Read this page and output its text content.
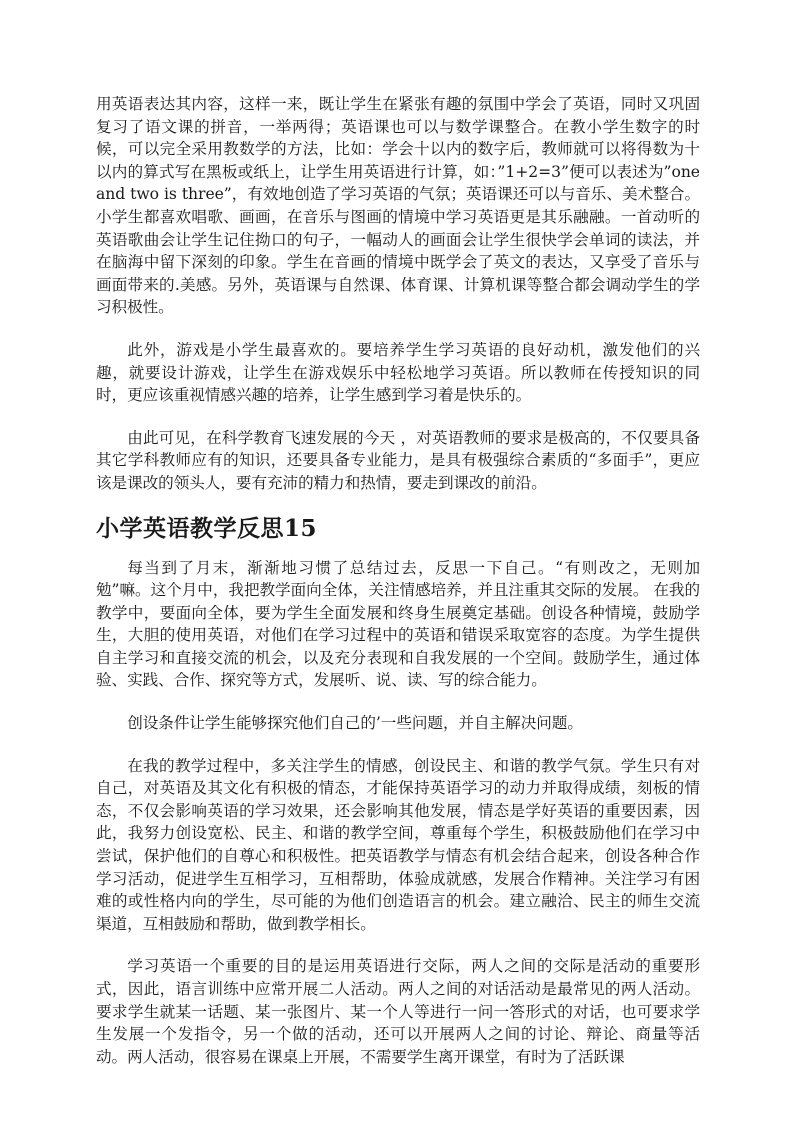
用英语表达其内容，这样一来，既让学生在紧张有趣的氛围中学会了英语，同时又巩固复习了语文课的拼音，一举两得；英语课也可以与数学课整合。在教小学生数字的时候，可以完全采用教数学的方法，比如：学会十以内的数字后，教师就可以将得数为十以内的算式写在黑板或纸上，让学生用英语进行计算，如：”1+2=3”便可以表述为”one and two is three”，有效地创造了学习英语的气氛；英语课还可以与音乐、美术整合。小学生都喜欢唱歌、画画，在音乐与图画的情境中学习英语更是其乐融融。一首动听的英语歌曲会让学生记住拗口的句子，一幅动人的画面会让学生很快学会单词的读法，并在脑海中留下深刻的印象。学生在音画的情境中既学会了英文的表达，又享受了音乐与画面带来的.美感。另外，英语课与自然课、体育课、计算机课等整合都会调动学生的学习积极性。

此外，游戏是小学生最喜欢的。要培养学生学习英语的良好动机，激发他们的兴趣，就要设计游戏，让学生在游戏娱乐中轻松地学习英语。所以教师在传授知识的同时，更应该重视情感兴趣的培养，让学生感到学习着是快乐的。

由此可见，在科学教育飞速发展的今天 ，对英语教师的要求是极高的，不仅要具备其它学科教师应有的知识，还要具备专业能力，是具有极强综合素质的“多面手”，更应该是课改的领头人，要有充沛的精力和热情，要走到课改的前沿。

小学英语教学反思15

每当到了月末，渐渐地习惯了总结过去，反思一下自己。“有则改之，无则加勉”嘛。这个月中，我把教学面向全体，关注情感培养，并且注重其交际的发展。 在我的教学中，要面向全体，要为学生全面发展和终身生展奠定基础。创设各种情境，鼓励学生，大胆的使用英语，对他们在学习过程中的英语和错误采取宽容的态度。为学生提供自主学习和直接交流的机会，以及充分表现和自我发展的一个空间。鼓励学生，通过体验、实践、合作、探究等方式，发展听、说、读、写的综合能力。

创设条件让学生能够探究他们自己的’一些问题，并自主解决问题。

在我的教学过程中，多关注学生的情感，创设民主、和谐的教学气氛。学生只有对自己，对英语及其文化有积极的情态，才能保持英语学习的动力并取得成绩，刻板的情态，不仅会影响英语的学习效果，还会影响其他发展，情态是学好英语的重要因素，因此，我努力创设宽松、民主、和谐的教学空间，尊重每个学生，积极鼓励他们在学习中尝试，保护他们的自尊心和积极性。把英语教学与情态有机会结合起来，创设各种合作学习活动，促进学生互相学习，互相帮助，体验成就感，发展合作精神。关注学习有困难的或性格内向的学生，尽可能的为他们创造语言的机会。建立融洽、民主的师生交流渠道，互相鼓励和帮助，做到教学相长。

学习英语一个重要的目的是运用英语进行交际，两人之间的交际是活动的重要形式，因此，语言训练中应常开展二人活动。两人之间的对话活动是最常见的两人活动。要求学生就某一话题、某一张图片、某一个人等进行一问一答形式的对话，也可要求学生发展一个发指令，另一个做的活动，还可以开展两人之间的讨论、辩论、商量等活动。两人活动，很容易在课桌上开展，不需要学生离开课堂，有时为了活跃课
